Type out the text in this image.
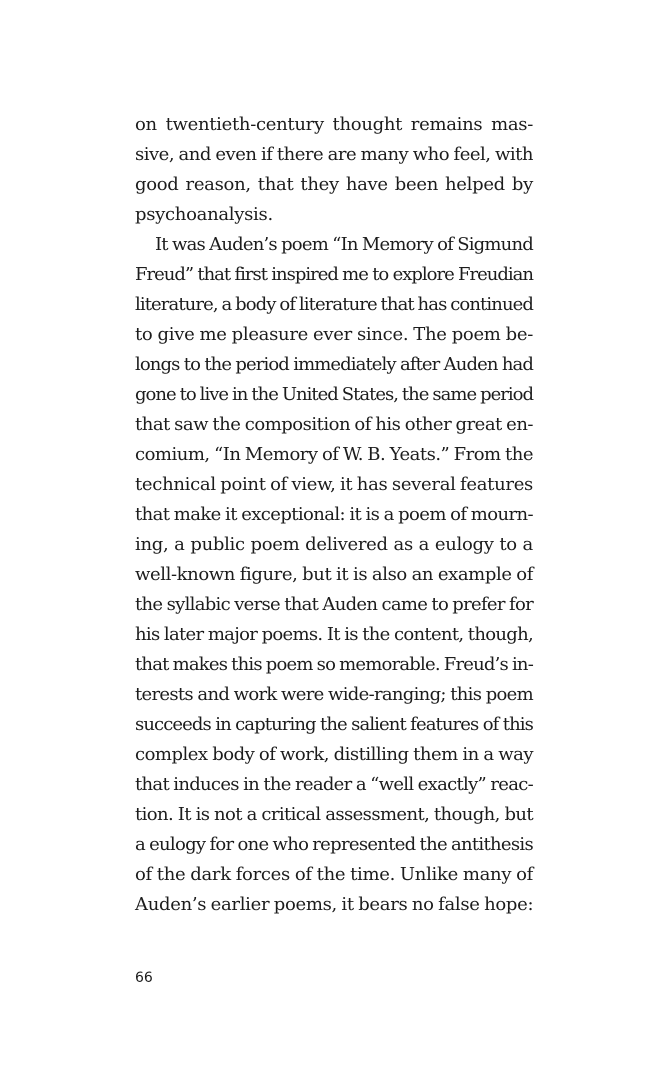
on twentieth-century thought remains mas-
sive, and even if there are many who feel, with
good reason, that they have been helped by
psychoanalysis.
It was Auden’s poem “In Memory of Sigmund
Freud” that first inspired me to explore Freudian
literature, a body of literature that has continued
to give me pleasure ever since. The poem be-
longs to the period immediately after Auden had
gone to live in the United States, the same period
that saw the composition of his other great en-
comium, “In Memory of W. B. Yeats.” From the
technical point of view, it has several features
that make it exceptional: it is a poem of mourn-
ing, a public poem delivered as a eulogy to a
well-known figure, but it is also an example of
the syllabic verse that Auden came to prefer for
his later major poems. It is the content, though,
that makes this poem so memorable. Freud’s in-
terests and work were wide-ranging; this poem
succeeds in capturing the salient features of this
complex body of work, distilling them in a way
that induces in the reader a “well exactly” reac-
tion. It is not a critical assessment, though, but
a eulogy for one who represented the antithesis
of the dark forces of the time. Unlike many of
Auden’s earlier poems, it bears no false hope:
66
